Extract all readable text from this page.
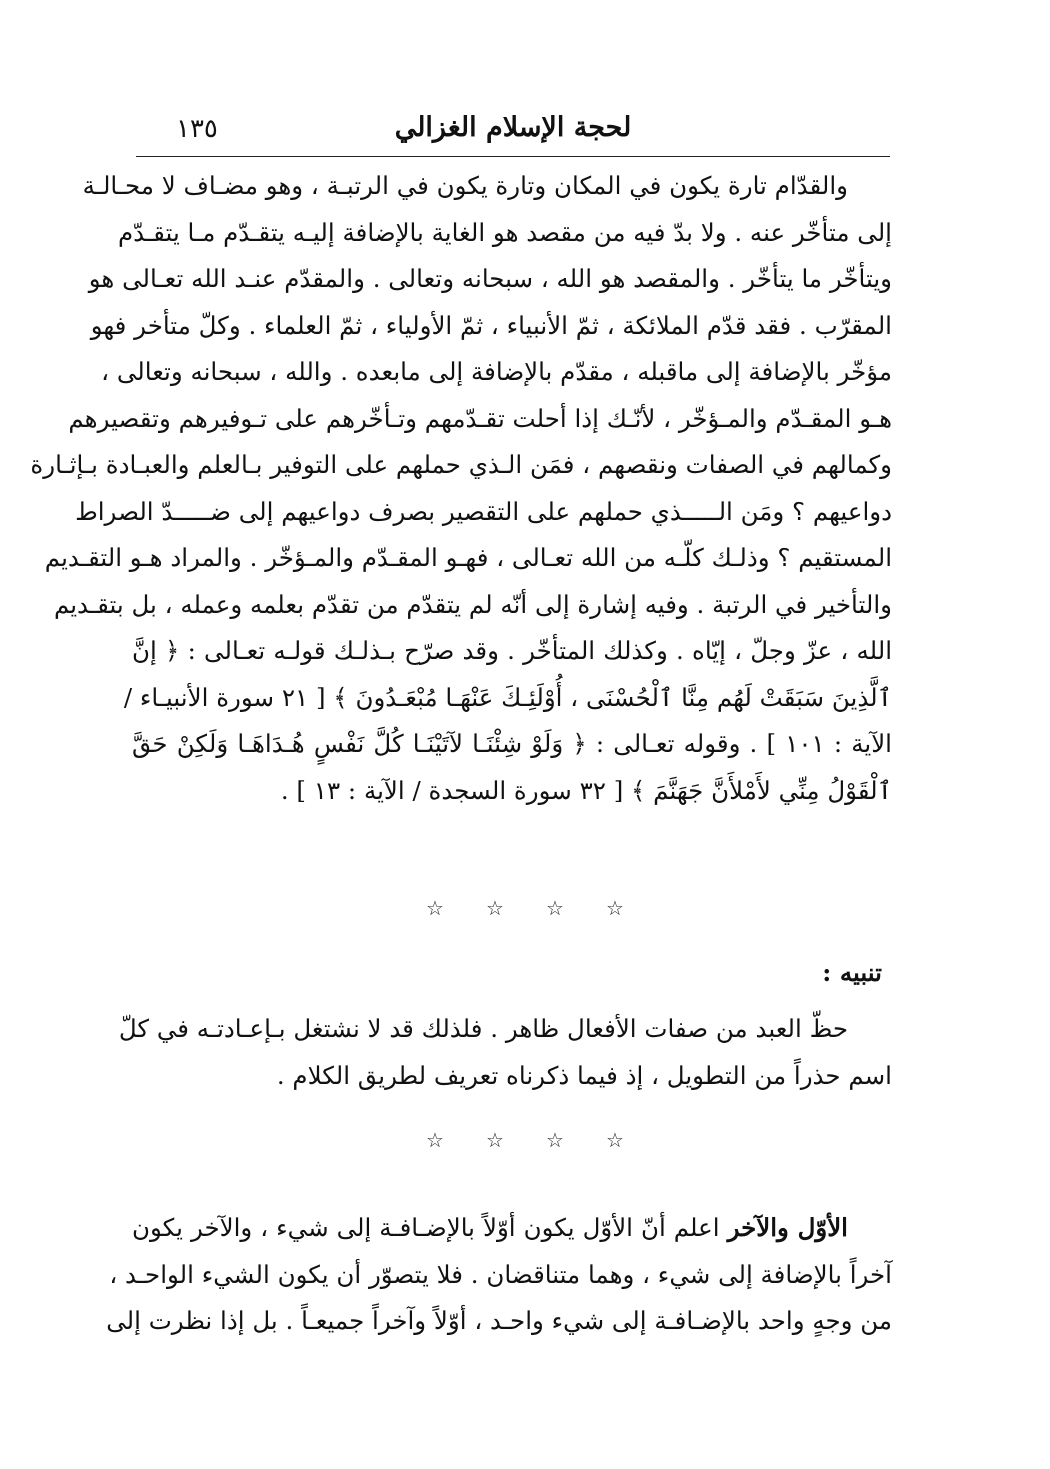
١٣٥	لحجة الإسلام الغزالي
والقدّام تارة يكون في المكان وتارة يكون في الرتبـة ، وهو مضـاف لا محـالـة
إلى متأخّر عنه . ولا بدّ فيه من مقصد هو الغاية بالإضافة إليـه يتقـدّم مـا يتقـدّم
ويتأخّر ما يتأخّر . والمقصد هو الله ، سبحانه وتعالى . والمقدّم عنـد الله تعـالى هو
المقرّب . فقد قدّم الملائكة ، ثمّ الأنبياء ، ثمّ الأولياء ، ثمّ العلماء . وكلّ متأخر فهو
مؤخّر بالإضافة إلى ماقبله ، مقدّم بالإضافة إلى مابعده . والله ، سبحانه وتعالى ،
هـو المقـدّم والمـؤخّر ، لأنّـك إذا أحلت تقـدّمهم وتـأخّرهم على تـوفيرهم وتقصيرهم
وكمالهم في الصفات ونقصهم ، فمَن الـذي حملهم على التوفير بـالعلم والعبـادة بـإثـارة
دواعيهم ؟ ومَن الـــــذي حملهم على التقصير بصرف دواعيهم إلى ضـــــدّ الصراط
المستقيم ؟ وذلـك كلّـه من الله تعـالى ، فهـو المقـدّم والمـؤخّر . والمراد هـو التقـديم
والتأخير في الرتبة . وفيه إشارة إلى أنّه لم يتقدّم من تقدّم بعلمه وعمله ، بل بتقـديم
الله ، عزّ وجلّ ، إيّاه . وكذلك المتأخّر . وقد صرّح بـذلـك قولـه تعـالى : ﴿ إنَّ
ٱلَّذِينَ سَبَقَتْ لَهُم مِنَّا ٱلْحُسْنَى ، أُوْلَئِـكَ عَنْهَـا مُبْعَـدُونَ ﴾ [ ٢١ سورة الأنبيـاء /
الآية : ١٠١ ] . وقوله تعـالى : ﴿ وَلَوْ شِئْنَـا لآتَيْنَـا كُلَّ نَفْسٍ هُـدَاهَـا وَلَكِنْ حَقَّ
ٱلْقَوْلُ مِنِّي لأَمْلأَنَّ جَهَنَّمَ ﴾ [ ٣٢ سورة السجدة / الآية : ١٣ ] .
☆ ☆ ☆ ☆
تنبيه :
حظّ العبد من صفات الأفعال ظاهر . فلذلك قد لا نشتغل بـإعـادتـه في كلّ
اسم حذراً من التطويل ، إذ فيما ذكرناه تعريف لطريق الكلام .
☆ ☆ ☆ ☆
الأوّل والآخر اعلم أنّ الأوّل يكون أوّلاً بالإضـافـة إلى شيء ، والآخر يكون
آخراً بالإضافة إلى شيء ، وهما متناقضان . فلا يتصوّر أن يكون الشيء الواحـد ،
من وجهٍ واحد بالإضـافـة إلى شيء واحـد ، أوّلاً وآخراً جميعـاً . بل إذا نظرت إلى
